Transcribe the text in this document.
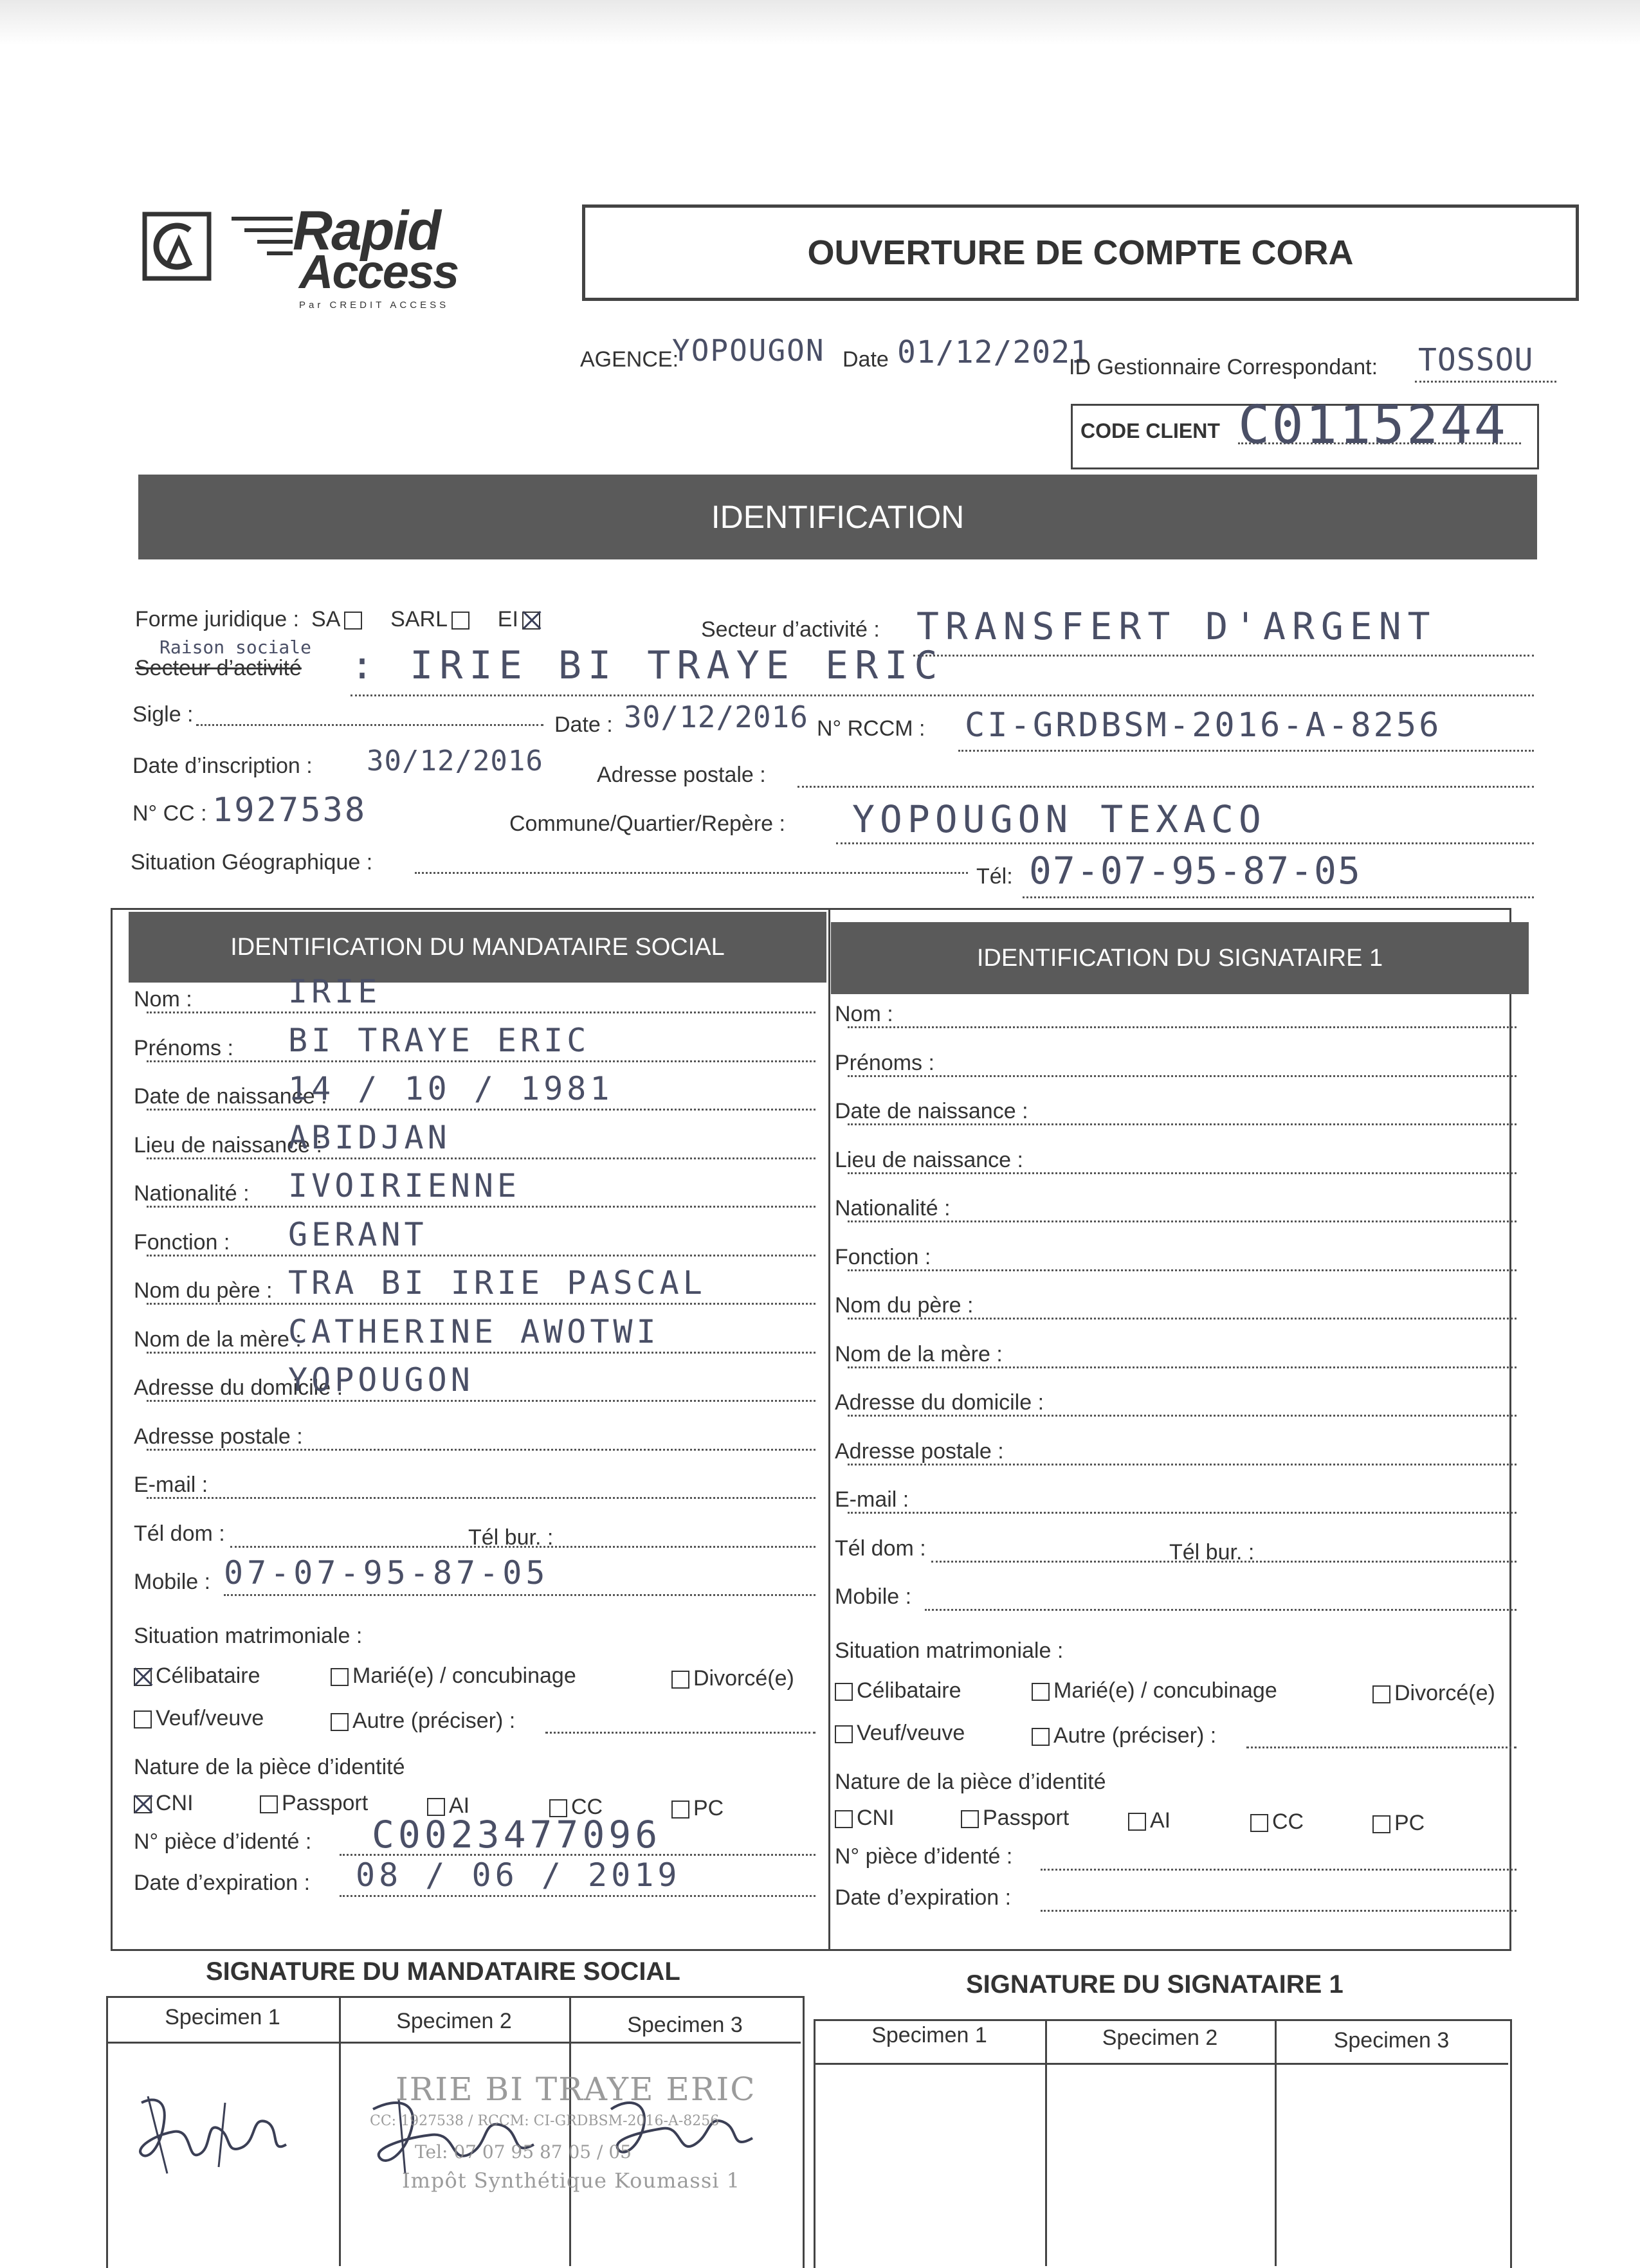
Rapid
Access
Par CREDIT ACCESS
OUVERTURE DE COMPTE CORA
AGENCE:
YOPOUGON Date 01/12/2021
ID Gestionnaire Correspondant: TOSSOU
CODE CLIENT C0115244
IDENTIFICATION
Forme juridique : SA SARL EI	Secteur d’activité : TRANSFERT D'ARGENT
Raison sociale
Secteur d’activité : IRIE BI TRAYE ERIC
Sigle :	Date : 30/12/2016 N° RCCM : CI-GRDBSM-2016-A-8256
Date d’inscription : 30/12/2016 Adresse postale :
N° CC : 1927538	Commune/Quartier/Repère : YOPOUGON TEXACO
Situation Géographique :
Tél: 07-07-95-87-05
IDENTIFICATION DU MANDATAIRE SOCIAL	IDENTIFICATION DU SIGNATAIRE 1
Nom :	IRIE
Prénoms : BI TRAYE ERIC
Date de naissance :
14 / 10 / 1981
Lieu de naissance :
ABIDJAN
Nationalité : IVOIRIENNE
Fonction : GERANT
Nom du père : TRA BI IRIE PASCAL
Nom de la mère :
CATHERINE AWOTWI
Adresse du domicile :
YOPOUGON
Adresse postale :
E-mail :
Tél dom :	Tél bur. :
Mobile : 07-07-95-87-05
Situation matrimoniale :
Célibataire	Marié(e) / concubinage	Divorcé(e)
Veuf/veuve	Autre (préciser) :
Nature de la pièce d’identité
CNI	Passport	AI	CC	PC
N° pièce d’identé : C0023477096
Date d’expiration : 08 / 06 / 2019
Nom :
Prénoms :
Date de naissance :
Lieu de naissance :
Nationalité :
Fonction :
Nom du père :
Nom de la mère :
Adresse du domicile :
Adresse postale :
E-mail :
Tél dom :	Tél bur. :
Mobile :
Situation matrimoniale :
Célibataire	Marié(e) / concubinage	Divorcé(e)
Veuf/veuve	Autre (préciser) :
Nature de la pièce d’identité
CNI	Passport	AI	CC	PC
N° pièce d’identé :
Date d’expiration :
SIGNATURE DU MANDATAIRE SOCIAL	SIGNATURE DU SIGNATAIRE 1
Specimen 1	Specimen 2	Specimen 3	Specimen 1	Specimen 2	Specimen 3
IRIE BI TRAYE ERIC
CC: 1927538 / RCCM: CI-GRDBSM-2016-A-8256
Tel: 07 07 95 87 05 / 05
Impôt Synthétique Koumassi 1
